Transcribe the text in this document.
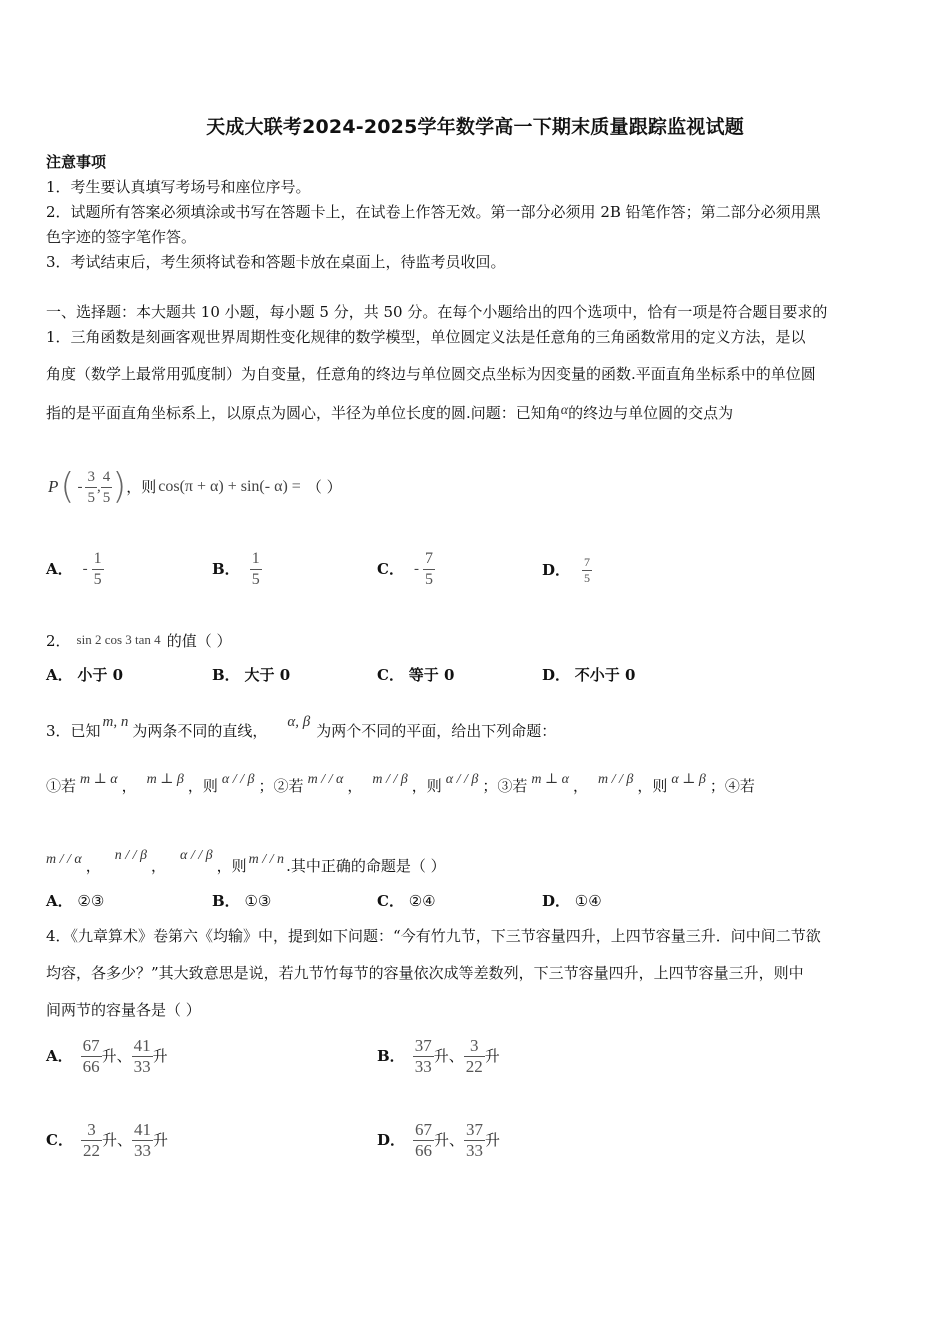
天成大联考2024-2025学年数学高一下期末质量跟踪监视试题
注意事项
1．考生要认真填写考场号和座位序号。
2．试题所有答案必须填涂或书写在答题卡上，在试卷上作答无效。第一部分必须用 2B 铅笔作答；第二部分必须用黑
色字迹的签字笔作答。
3．考试结束后，考生须将试卷和答题卡放在桌面上，待监考员收回。
一、选择题：本大题共 10 小题，每小题 5 分，共 50 分。在每个小题给出的四个选项中，恰有一项是符合题目要求的
1．三角函数是刻画客观世界周期性变化规律的数学模型，单位圆定义法是任意角的三角函数常用的定义方法，是以
角度（数学上最常用弧度制）为自变量，任意角的终边与单位圆交点坐标为因变量的函数.平面直角坐标系中的单位圆
指的是平面直角坐标系上，以原点为圆心，半径为单位长度的圆.问题：已知角α的终边与单位圆的交点为
P ( - $\frac{3}{5}$ , $\frac{4}{5}$ ) ，则 cos(π + α) + sin(- α) = （ ）
A． - $\frac{1}{5}$	B． $\frac{1}{5}$	C． - $\frac{7}{5}$	D． $\frac{7}{5}$
2． sin 2 cos 3 tan 4 的值（ ）
A． 小于 0	B． 大于 0	C． 等于 0	D． 不小于 0
3．已知 m, n 为两条不同的直线， α, β 为两个不同的平面，给出下列命题：
①若 m ⊥ α ， m ⊥ β ，则 α / / β ；②若 m / / α ， m / / β ，则 α / / β ；③若 m ⊥ α ， m / / β ，则 α ⊥ β ；④若
m / / α ，n / / β，α / / β，则 m / / n .其中正确的命题是（ ）
A． ②③	B． ①③	C． ②④	D． ①④
4．《九章算术》卷第六《均输》中，提到如下问题：“今有竹九节，下三节容量四升，上四节容量三升．问中间二节欲
均容，各多少？”其大致意思是说，若九节竹每节的容量依次成等差数列，下三节容量四升，上四节容量三升，则中
间两节的容量各是（ ）
A． $\frac{67}{66}$ 升 、 $\frac{41}{33}$ 升	B． $\frac{37}{33}$ 升 、 $\frac{3}{22}$ 升
C． $\frac{3}{22}$ 升 、 $\frac{41}{33}$ 升	D． $\frac{67}{66}$ 升 、 $\frac{37}{33}$ 升
